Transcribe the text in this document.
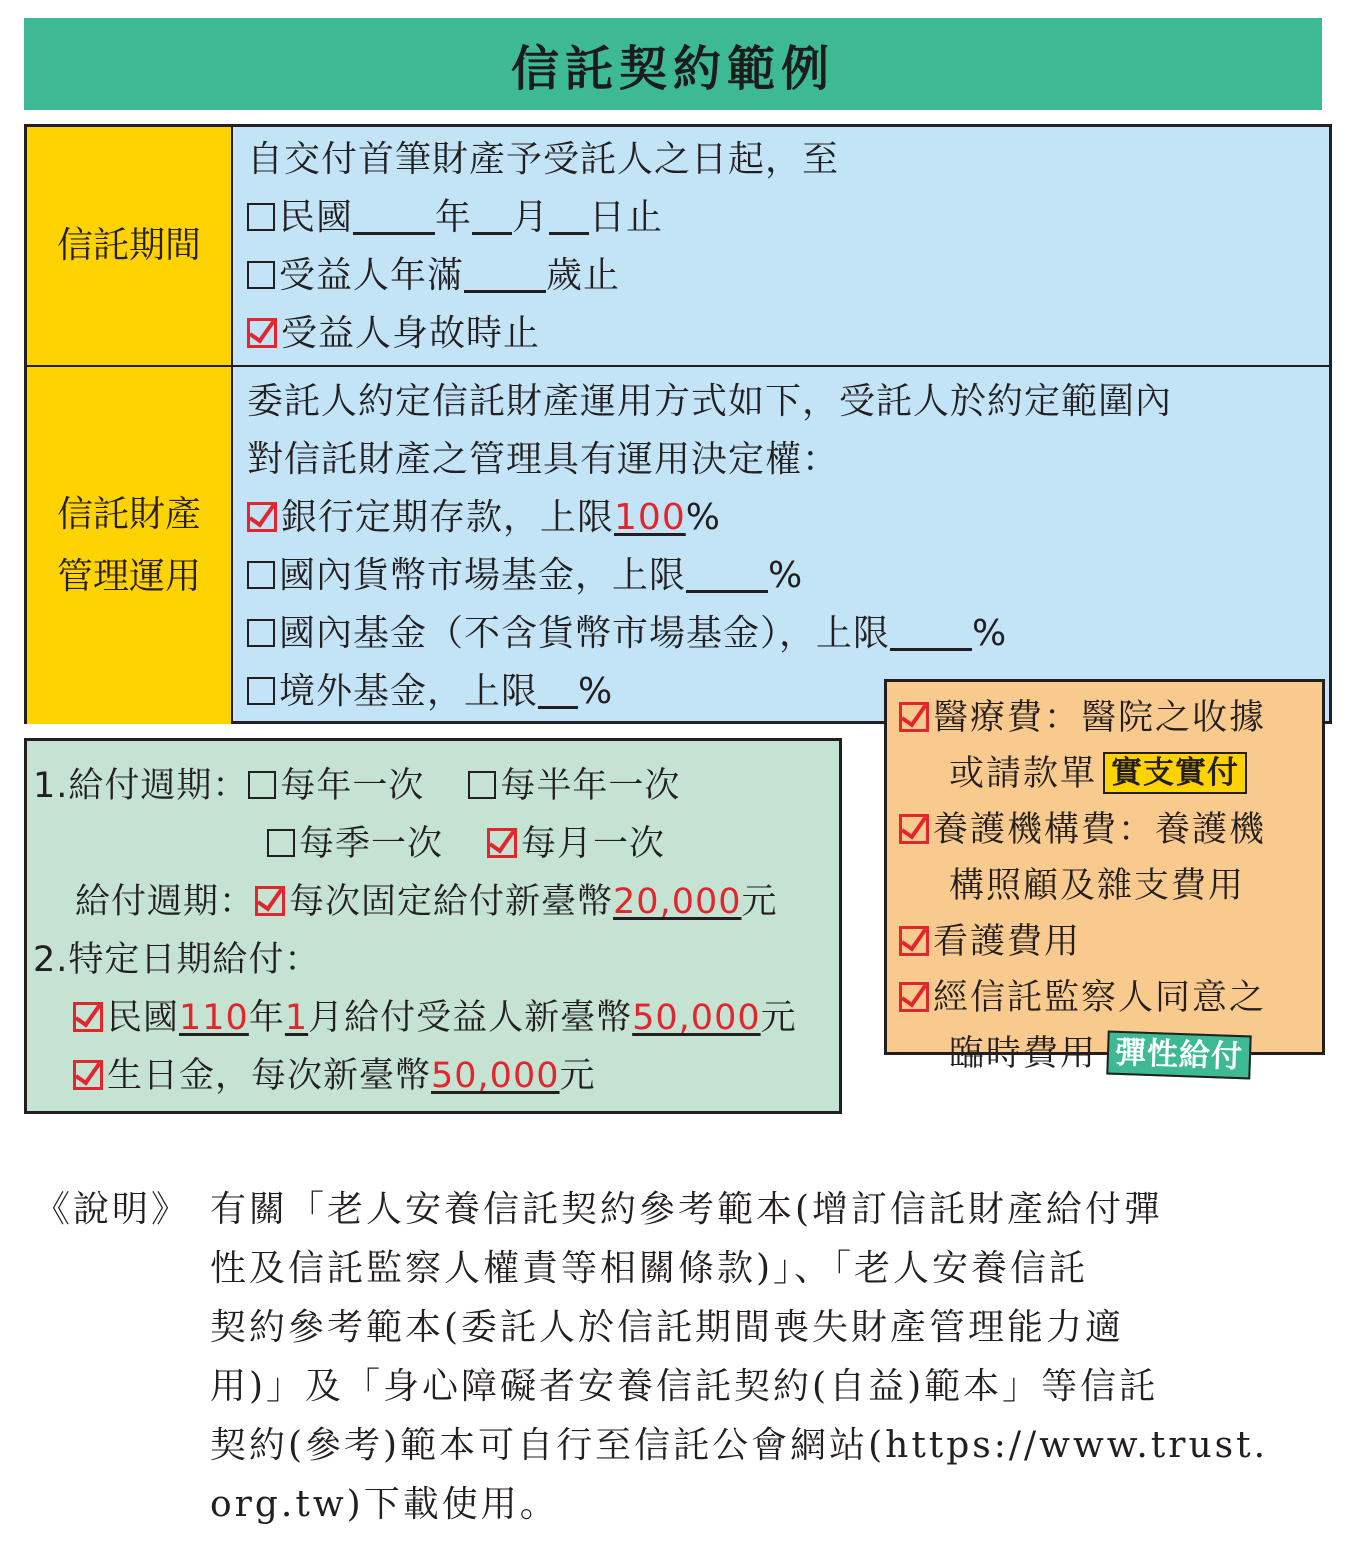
信託契約範例
信託期間
自交付首筆財產予受託人之日起，至
民國 年 月 日止
受益人年滿 歲止
受益人身故時止
信託財產
管理運用
委託人約定信託財產運用方式如下，受託人於約定範圍內
對信託財產之管理具有運用決定權：
銀行定期存款，上限100%
國內貨幣市場基金，上限 %
國內基金（不含貨幣市場基金），上限 %
境外基金，上限 %
1.給付週期： 每年一次 每半年一次
每季一次 每月一次
給付週期： 每次固定給付新臺幣20,000元
2.特定日期給付：
民國110年1月給付受益人新臺幣50,000元
生日金，每次新臺幣50,000元
醫療費：醫院之收據
或請款單 實支實付
養護機構費：養護機
構照顧及雜支費用
看護費用
經信託監察人同意之
臨時費用 彈性給付
《說明》 有關「老人安養信託契約參考範本(增訂信託財產給付彈
性及信託監察人權責等相關條款)」、「老人安養信託
契約參考範本(委託人於信託期間喪失財產管理能力適
用)」及「身心障礙者安養信託契約(自益)範本」等信託
契約(參考)範本可自行至信託公會網站(https://www.trust.
org.tw)下載使用。
